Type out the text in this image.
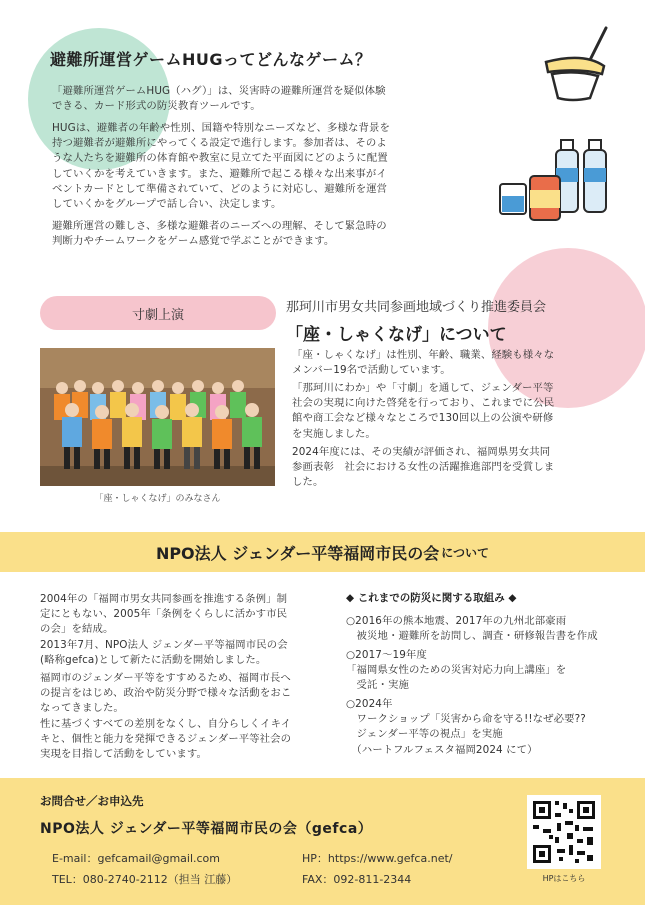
避難所運営ゲームHUGってどんなゲーム？

「避難所運営ゲームHUG（ハグ）」は、災害時の避難所運営を疑似体験

できる、カード形式の防災教育ツールです。

HUGは、避難者の年齢や性別、国籍や特別なニーズなど、多様な背景を

持つ避難者が避難所にやってくる設定で進行します。参加者は、そのよ

うな人たちを避難所の体育館や教室に見立てた平面図にどのように配置

していくかを考えていきます。また、避難所で起こる様々な出来事がイ

ベントカードとして準備されていて、どのように対応し、避難所を運営

していくかをグループで話し合い、決定します。

避難所運営の難しさ、多様な避難者のニーズへの理解、そして緊急時の

判断力やチームワークをゲーム感覚で学ぶことができます。

寸劇上演
「座・しゃくなげ」のみなさん
那珂川市男女共同参画地域づくり推進委員会
「座・しゃくなげ」について

「座・しゃくなげ」は性別、年齢、職業、経験も様々な

メンバー19名で活動しています。

「那珂川にわか」や「寸劇」を通して、ジェンダー平等

社会の実現に向けた啓発を行っており、これまでに公民

館や商工会など様々なところで130回以上の公演や研修

を実施しました。

2024年度には、その実績が評価され、福岡県男女共同

参画表彰　社会における女性の活躍推進部門を受賞しま

した。

NPO法人 ジェンダー平等福岡市民の会 について

2004年の「福岡市男女共同参画を推進する条例」制

定にともない、2005年「条例をくらしに活かす市民

の会」を結成。

2013年7月、NPO法人 ジェンダー平等福岡市民の会

(略称gefca)として新たに活動を開始しました。

福岡市のジェンダー平等をすすめるため、福岡市長へ

の提言をはじめ、政治や防災分野で様々な活動をおこ

なってきました。

性に基づくすべての差別をなくし、自分らしくイキイ

キと、個性と能力を発揮できるジェンダー平等社会の

実現を目指して活動をしています。

◆ これまでの防災に関する取組み ◆

○2016年の熊本地震、2017年の九州北部豪雨

　被災地・避難所を訪問し、調査・研修報告書を作成

○2017～19年度

「福岡県女性のための災害対応力向上講座」を

　受託・実施

○2024年

　ワークショップ「災害から命を守る!!なぜ必要??

　ジェンダー平等の視点」を実施

　（ハートフルフェスタ福岡2024 にて）

お問合せ／お申込先
NPO法人 ジェンダー平等福岡市民の会（gefca）
E-mail：gefcamail@gmail.com
TEL：080-2740-2112（担当 江藤）
HP：https://www.gefca.net/
FAX：092-811-2344	HPはこちら
